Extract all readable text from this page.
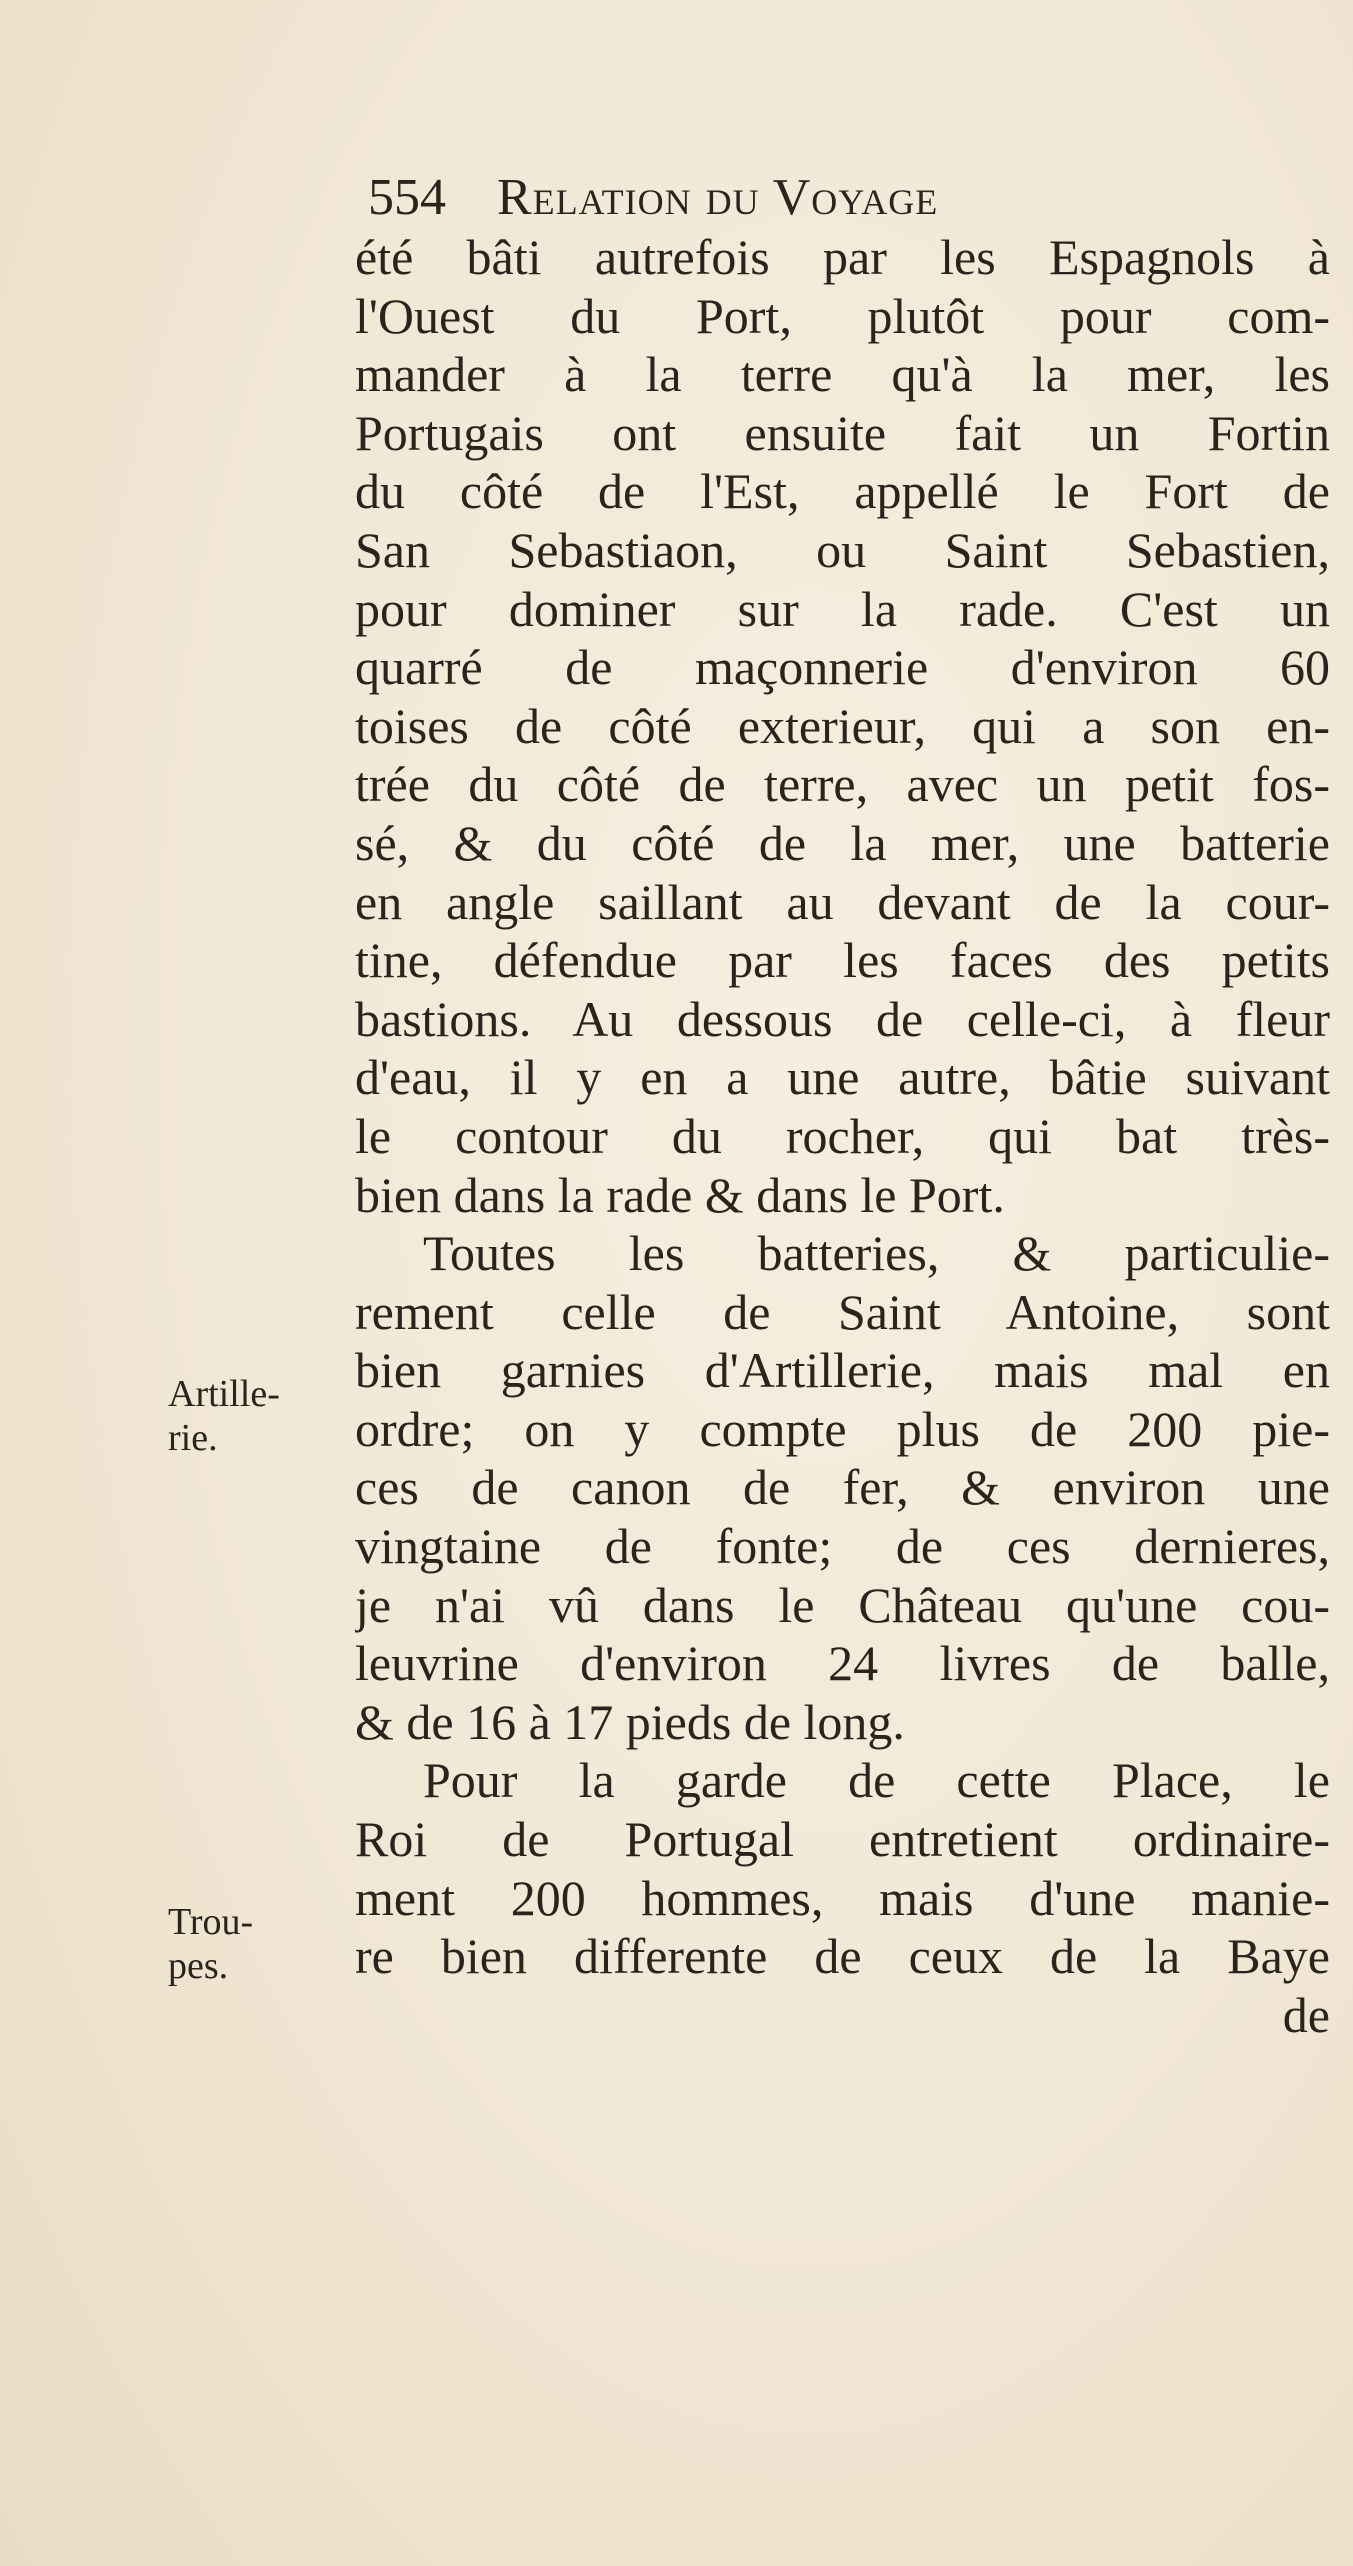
554 Relation du Voyage
été bâti autrefois par les Espagnols à
l'Ouest du Port, plutôt pour com-
mander à la terre qu'à la mer, les
Portugais ont ensuite fait un Fortin
du côté de l'Est, appellé le Fort de
San Sebastiaon, ou Saint Sebastien,
pour dominer sur la rade. C'est un
quarré de maçonnerie d'environ 60
toises de côté exterieur, qui a son en-
trée du côté de terre, avec un petit fos-
sé, & du côté de la mer, une batterie
en angle saillant au devant de la cour-
tine, défendue par les faces des petits
bastions. Au dessous de celle-ci, à fleur
d'eau, il y en a une autre, bâtie suivant
le contour du rocher, qui bat très-
bien dans la rade & dans le Port.
Toutes les batteries, & particulie-
rement celle de Saint Antoine, sont
bien garnies d'Artillerie, mais mal en
ordre; on y compte plus de 200 pie-
ces de canon de fer, & environ une
vingtaine de fonte; de ces dernieres,
je n'ai vû dans le Château qu'une cou-
leuvrine d'environ 24 livres de balle,
& de 16 à 17 pieds de long.
Pour la garde de cette Place, le
Roi de Portugal entretient ordinaire-
ment 200 hommes, mais d'une manie-
re bien differente de ceux de la Baye
de
Artille-
rie.
Trou-
pes.
